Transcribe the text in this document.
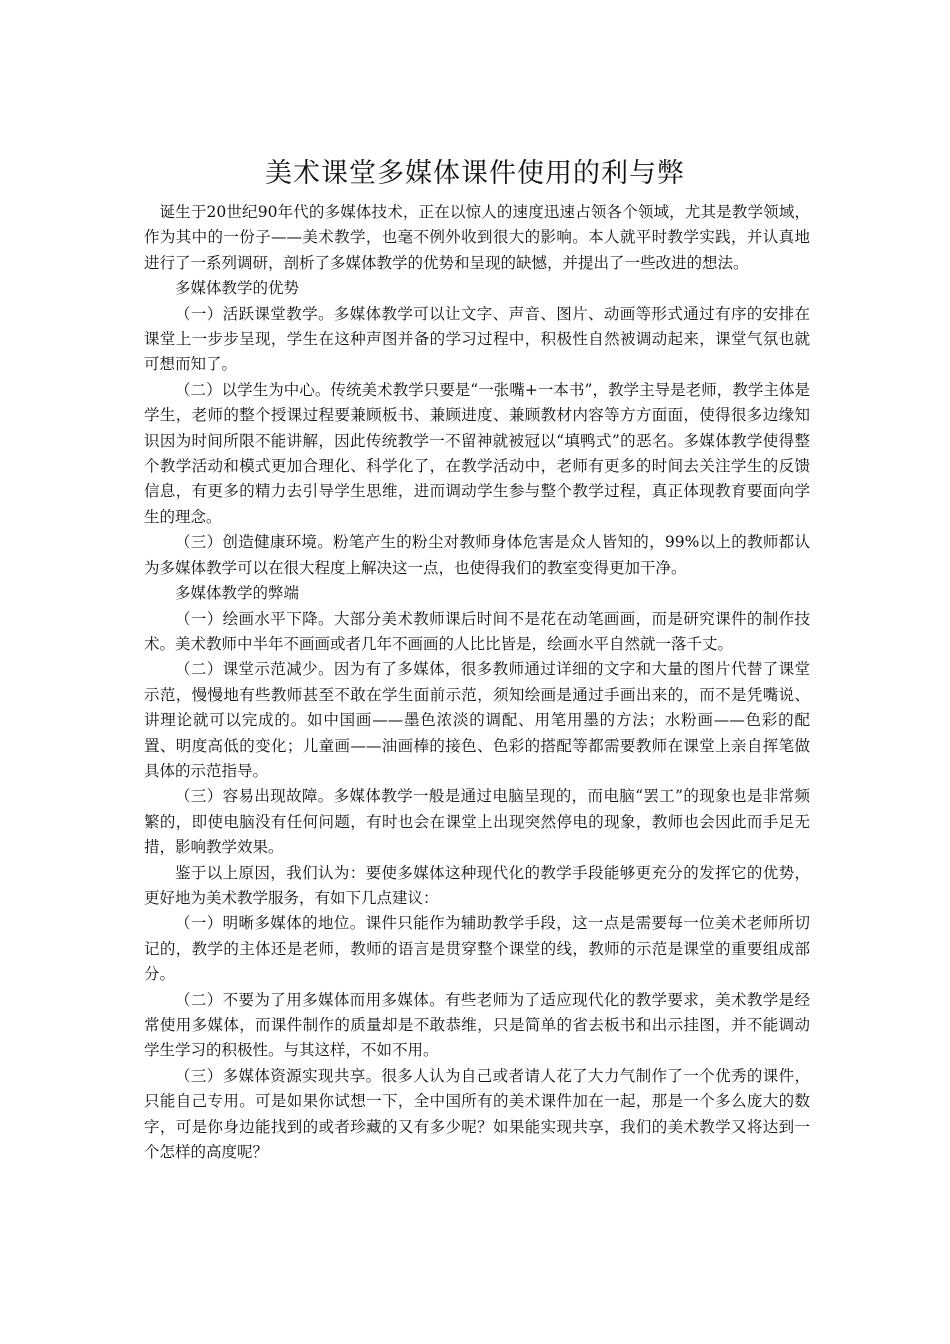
美术课堂多媒体课件使用的利与弊

诞生于20世纪90年代的多媒体技术，正在以惊人的速度迅速占领各个领域，尤其是教学领域，作为其中的一份子——美术教学，也毫不例外收到很大的影响。本人就平时教学实践，并认真地进行了一系列调研，剖析了多媒体教学的优势和呈现的缺憾，并提出了一些改进的想法。

多媒体教学的优势

（一）活跃课堂教学。多媒体教学可以让文字、声音、图片、动画等形式通过有序的安排在课堂上一步步呈现，学生在这种声图并备的学习过程中，积极性自然被调动起来，课堂气氛也就可想而知了。

（二）以学生为中心。传统美术教学只要是“一张嘴+一本书”，教学主导是老师，教学主体是学生，老师的整个授课过程要兼顾板书、兼顾进度、兼顾教材内容等方方面面，使得很多边缘知识因为时间所限不能讲解，因此传统教学一不留神就被冠以“填鸭式”的恶名。多媒体教学使得整个教学活动和模式更加合理化、科学化了，在教学活动中，老师有更多的时间去关注学生的反馈信息，有更多的精力去引导学生思维，进而调动学生参与整个教学过程，真正体现教育要面向学生的理念。

（三）创造健康环境。粉笔产生的粉尘对教师身体危害是众人皆知的，99%以上的教师都认为多媒体教学可以在很大程度上解决这一点，也使得我们的教室变得更加干净。

多媒体教学的弊端

（一）绘画水平下降。大部分美术教师课后时间不是花在动笔画画，而是研究课件的制作技术。美术教师中半年不画画或者几年不画画的人比比皆是，绘画水平自然就一落千丈。

（二）课堂示范减少。因为有了多媒体，很多教师通过详细的文字和大量的图片代替了课堂示范，慢慢地有些教师甚至不敢在学生面前示范，须知绘画是通过手画出来的，而不是凭嘴说、讲理论就可以完成的。如中国画——墨色浓淡的调配、用笔用墨的方法；水粉画——色彩的配置、明度高低的变化；儿童画——油画棒的接色、色彩的搭配等都需要教师在课堂上亲自挥笔做具体的示范指导。

（三）容易出现故障。多媒体教学一般是通过电脑呈现的，而电脑“罢工”的现象也是非常频繁的，即使电脑没有任何问题，有时也会在课堂上出现突然停电的现象，教师也会因此而手足无措，影响教学效果。

鉴于以上原因，我们认为：要使多媒体这种现代化的教学手段能够更充分的发挥它的优势，更好地为美术教学服务，有如下几点建议：

（一）明晰多媒体的地位。课件只能作为辅助教学手段，这一点是需要每一位美术老师所切记的，教学的主体还是老师，教师的语言是贯穿整个课堂的线，教师的示范是课堂的重要组成部分。

（二）不要为了用多媒体而用多媒体。有些老师为了适应现代化的教学要求，美术教学是经常使用多媒体，而课件制作的质量却是不敢恭维，只是简单的省去板书和出示挂图，并不能调动学生学习的积极性。与其这样，不如不用。

（三）多媒体资源实现共享。很多人认为自己或者请人花了大力气制作了一个优秀的课件，只能自己专用。可是如果你试想一下，全中国所有的美术课件加在一起，那是一个多么庞大的数字，可是你身边能找到的或者珍藏的又有多少呢？如果能实现共享，我们的美术教学又将达到一个怎样的高度呢？
